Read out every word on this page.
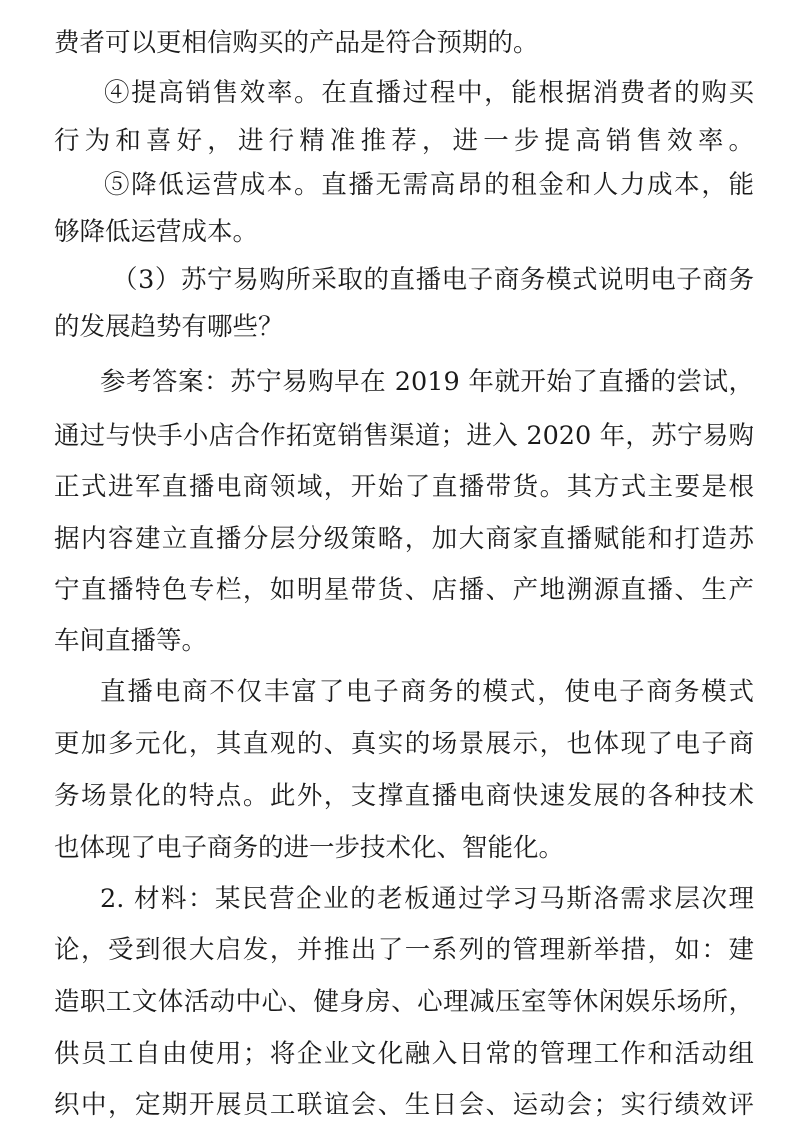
费者可以更相信购买的产品是符合预期的。
④提高销售效率。在直播过程中，能根据消费者的购买
行为和喜好，进行精准推荐，进一步提高销售效率。
⑤降低运营成本。直播无需高昂的租金和人力成本，能
够降低运营成本。
（3）苏宁易购所采取的直播电子商务模式说明电子商务
的发展趋势有哪些？
参考答案：苏宁易购早在 2019 年就开始了直播的尝试，
通过与快手小店合作拓宽销售渠道；进入 2020 年，苏宁易购
正式进军直播电商领域，开始了直播带货。其方式主要是根
据内容建立直播分层分级策略，加大商家直播赋能和打造苏
宁直播特色专栏，如明星带货、店播、产地溯源直播、生产
车间直播等。
直播电商不仅丰富了电子商务的模式，使电子商务模式
更加多元化，其直观的、真实的场景展示，也体现了电子商
务场景化的特点。此外，支撑直播电商快速发展的各种技术
也体现了电子商务的进一步技术化、智能化。
2. 材料：某民营企业的老板通过学习马斯洛需求层次理
论，受到很大启发，并推出了一系列的管理新举措，如：建
造职工文体活动中心、健身房、心理减压室等休闲娱乐场所，
供员工自由使用；将企业文化融入日常的管理工作和活动组
织中，定期开展员工联谊会、生日会、运动会；实行绩效评
